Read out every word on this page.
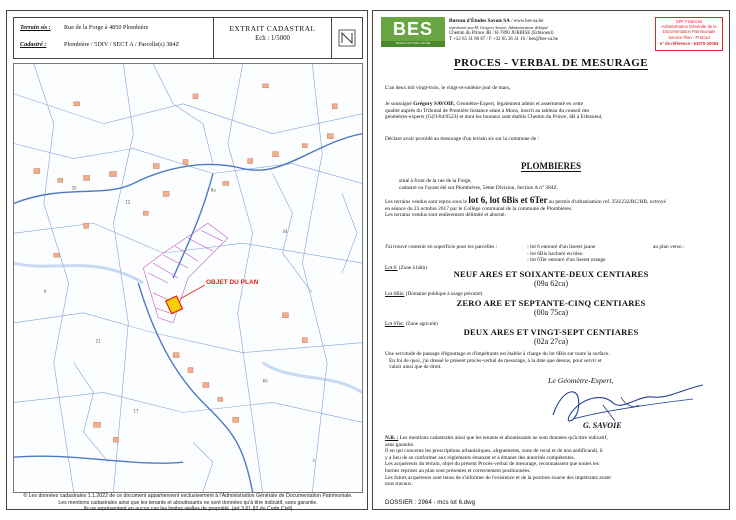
Terrain sis :	Rue de la Forge à 4850 Plombière
Cadastré :	Plombière / 5DIV / SECT A / Parcelle(s) 384Z
EXTRAIT CADASTRAL
Ech : 1/5000
35
12
8a
44
21
60
17
3
9
OBJET DU PLAN
© Les données cadastrales 1.1.2022 de ce document appartiennent exclusivement à l'Administration Générale de Documentation Patrimoniale.
Les mentions cadastrales ainsi que les tenants et aboutissants ne sont données qu'à titre indicatif, sans garantie.
Ils ne représentent en aucun cas les limites réelles de propriété. (art 3.61 §2 du Code Civil)
BES
BUREAU D'ÉTUDES SAVOIE
Bureau d'Études Savoie SA / www.bes-sa.be
représenté par M. Grégory Savoie, Administrateur délégué
Chemin du Prince 4B / B-7890 JURBISE (Erbisoeul)
T +32 65 31 80 87 / F +32 65 36 31 16 / bes@bes-sa.be
SPF Finances
Administration Générale de la
Documentation Patrimoniale
Service Plan - PraCad
n° de référence : 63070-10063
PROCES - VERBAL DE MESURAGE
L'an deux mil vingt-trois, le vingt-et-unième jour de mars,
Je soussigné Grégory SAVOIE, Géomètre-Expert, légalement admis et assermenté en cette
qualité auprès du Tribunal de Première Instance séant à Mons, inscrit au tableau du conseil des
géomètres-experts (G(O/04/0523) et dont les bureaux sont établis Chemin du Prince, 4B à Erbisoeul,
Déclare avoir procédé au mesurage d'un terrain sis sur la commune de :
PLOMBIERES
situé à front de la rue de la Forge,
cadastré ou l'ayant été sur Plombières, 5ème Division, Section A n° 384Z.
Les terrains vendus sont repris sous le lot 6, lot 6Bis et 6Ter au permis d'urbanisation ref. 256/232/RC/HB, octroyé
en séance du 23 octobre 2017 par le Collège communal de la commune de Plombières.
Les terrains vendus sont entièrement délimité et aborné.
J'ai trouvé contenir en superficie pour les parcelles :	- lot 6 entouré d'un liseret jaune
- lot 6Bis hachuré en bleu
- lot 6Ter entouré d'un liseret orange
au plan verso :
Lot 6: (Zone à bâtir)
NEUF ARES ET SOIXANTE-DEUX CENTIARES
(09a 62ca)
Lot 6Bis: (Domaine publique à usage précaire)
ZERO ARE ET SEPTANTE-CINQ CENTIARES
(00a 75ca)
Lot 6Ter: (Zone agricole)
DEUX ARES ET VINGT-SEPT CENTIARES
(02a 27ca)
Une servitude de passage d'égouttage et d'impétrants est établie à charge du lot 6Bis sur toute la surface.
En foi de quoi, j'ai dressé le présent procès-verbal de mesurage, à la date que dessus, pour servir et
valoir ainsi que de droit.
Le Géomètre-Expert,
G. SAVOIE
N.B. : Les mentions cadastrales ainsi que les tenants et aboutissants ne sont données qu'à titre indicatif,
sans garantie.
Il en qui concerne les prescriptions urbanistiques, alignements, zone de recul et de non aedificandi, il
y a lieu de se conformer aux règlements émanant et à émaner des autorités compétentes.
Les acquéreurs du terrain, objet du présent Procès-verbal de mesurage, reconnaissent que toutes les
bornes reprises au plan sont présentes et correctement positionnées.
Les futurs acquéreurs sont tenus de s'informer de l'existence et de la position exacte des impétrants avant
tous travaux.
DOSSIER : 2964 - mcs lot 6.dwg
